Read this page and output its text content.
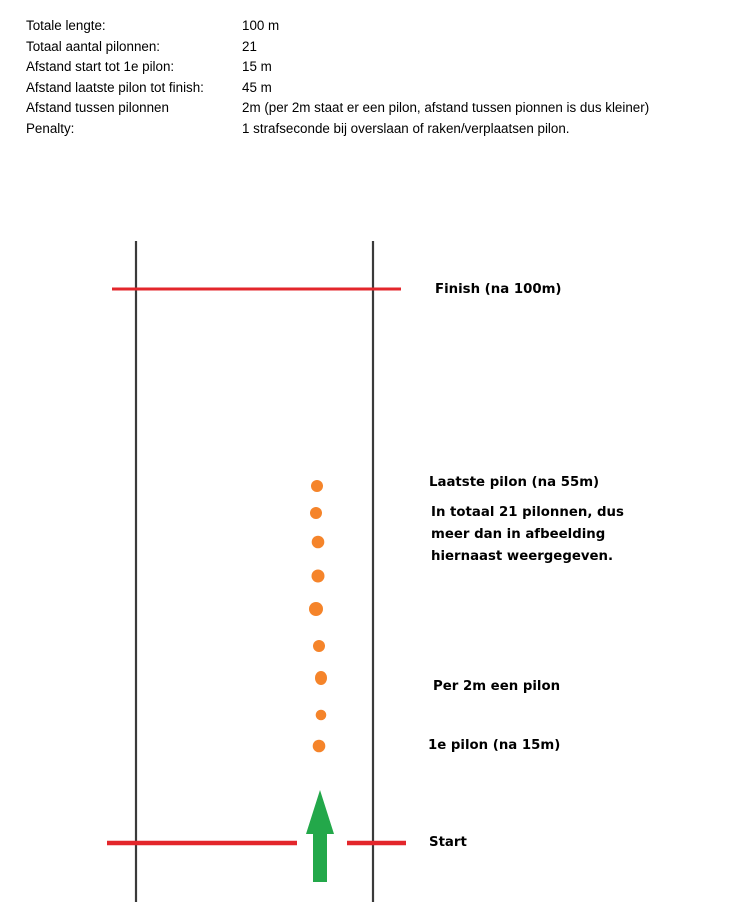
Totale lengte:	100 m
Totaal aantal pilonnen:	21
Afstand start tot 1e pilon:	15 m
Afstand laatste pilon tot finish:	45 m
Afstand tussen pilonnen	2m (per 2m staat er een pilon, afstand tussen pionnen is dus kleiner)
Penalty:	1 strafseconde bij overslaan of raken/verplaatsen pilon.
Finish (na 100m)
Laatste pilon (na 55m)
In totaal 21 pilonnen, dus meer dan in afbeelding hiernaast weergegeven.
Per 2m een pilon
1e pilon (na 15m)
Start
